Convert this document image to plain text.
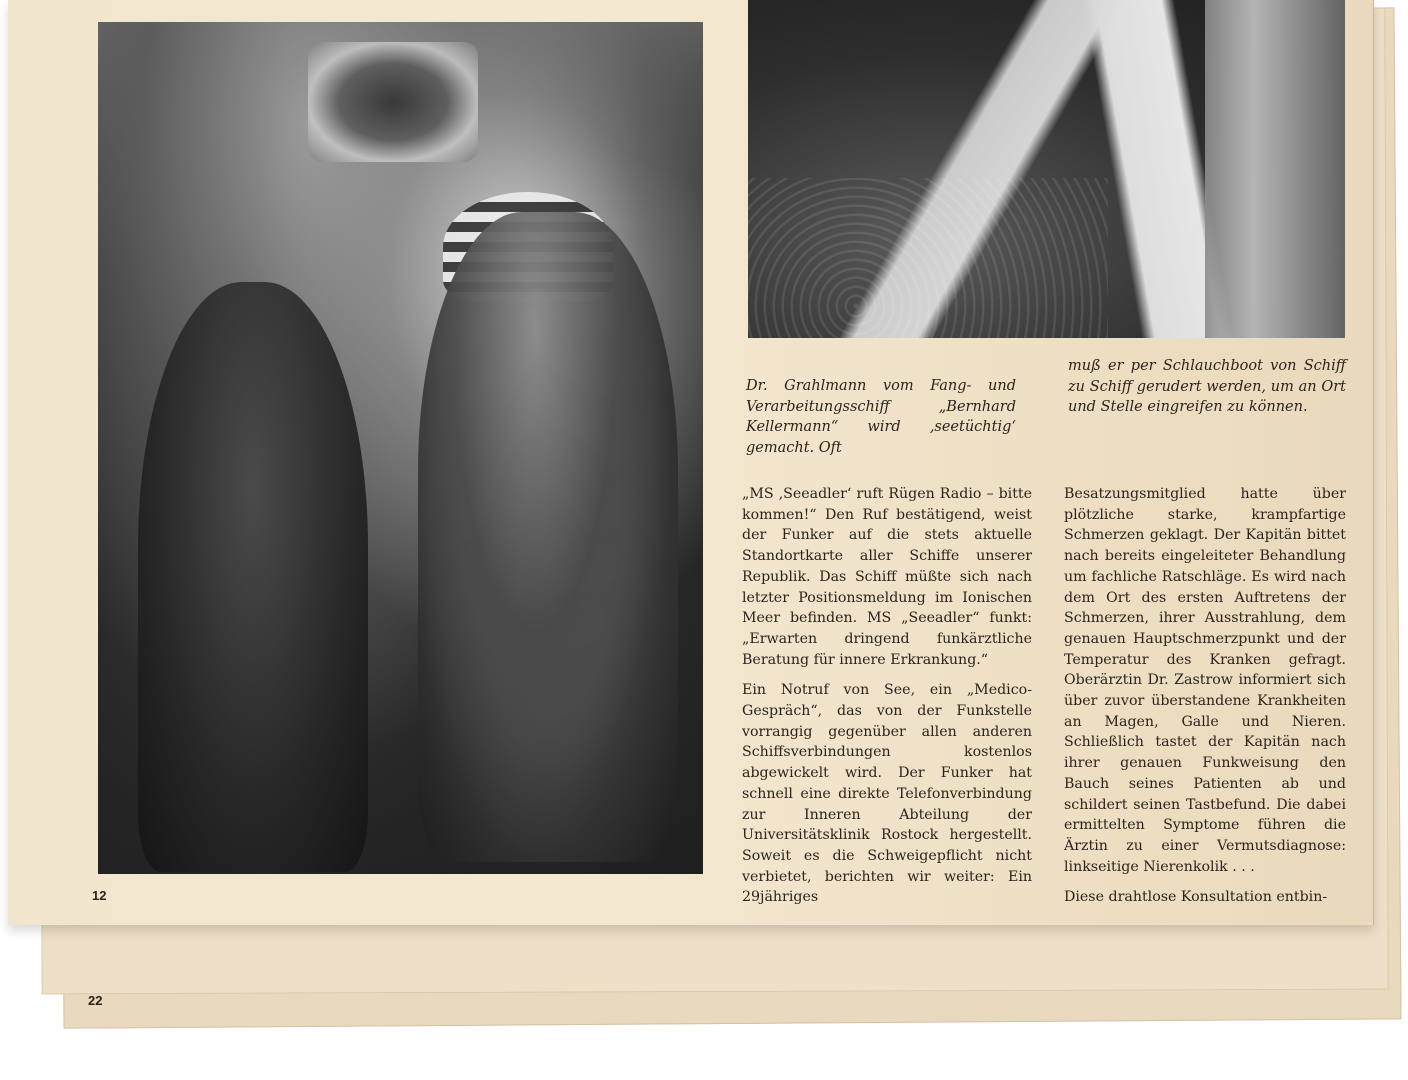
Dr. Grahlmann vom Fang- und Verarbeitungsschiff „Bernhard Kellermann“ wird ‚seetüchtig‘ gemacht. Oft
muß er per Schlauchboot von Schiff zu Schiff gerudert werden, um an Ort und Stelle eingreifen zu können.

„MS ‚Seeadler‘ ruft Rügen Radio – bitte kommen!“ Den Ruf bestätigend, weist der Funker auf die stets aktuelle Standortkarte aller Schiffe unserer Republik. Das Schiff müßte sich nach letzter Positionsmeldung im Ionischen Meer befinden. MS „Seeadler“ funkt: „Erwarten dringend funkärztliche Beratung für innere Erkrankung.“

Ein Notruf von See, ein „Medico-Gespräch“, das von der Funkstelle vorrangig gegenüber allen anderen Schiffsverbindungen kostenlos abgewickelt wird. Der Funker hat schnell eine direkte Telefonverbindung zur Inneren Abteilung der Universitätsklinik Rostock hergestellt. Soweit es die Schweigepflicht nicht verbietet, berichten wir weiter: Ein 29jähriges

Besatzungsmitglied hatte über plötzliche starke, krampfartige Schmerzen geklagt. Der Kapitän bittet nach bereits eingeleiteter Behandlung um fachliche Ratschläge. Es wird nach dem Ort des ersten Auftretens der Schmerzen, ihrer Ausstrahlung, dem genauen Hauptschmerzpunkt und der Temperatur des Kranken gefragt. Oberärztin Dr. Zastrow informiert sich über zuvor überstandene Krankheiten an Magen, Galle und Nieren. Schließlich tastet der Kapitän nach ihrer genauen Funkweisung den Bauch seines Patienten ab und schildert seinen Tastbefund. Die dabei ermittelten Symptome führen die Ärztin zu einer Vermutsdiagnose: linkseitige Nierenkolik . . .

Diese drahtlose Konsultation entbin-

12
22
